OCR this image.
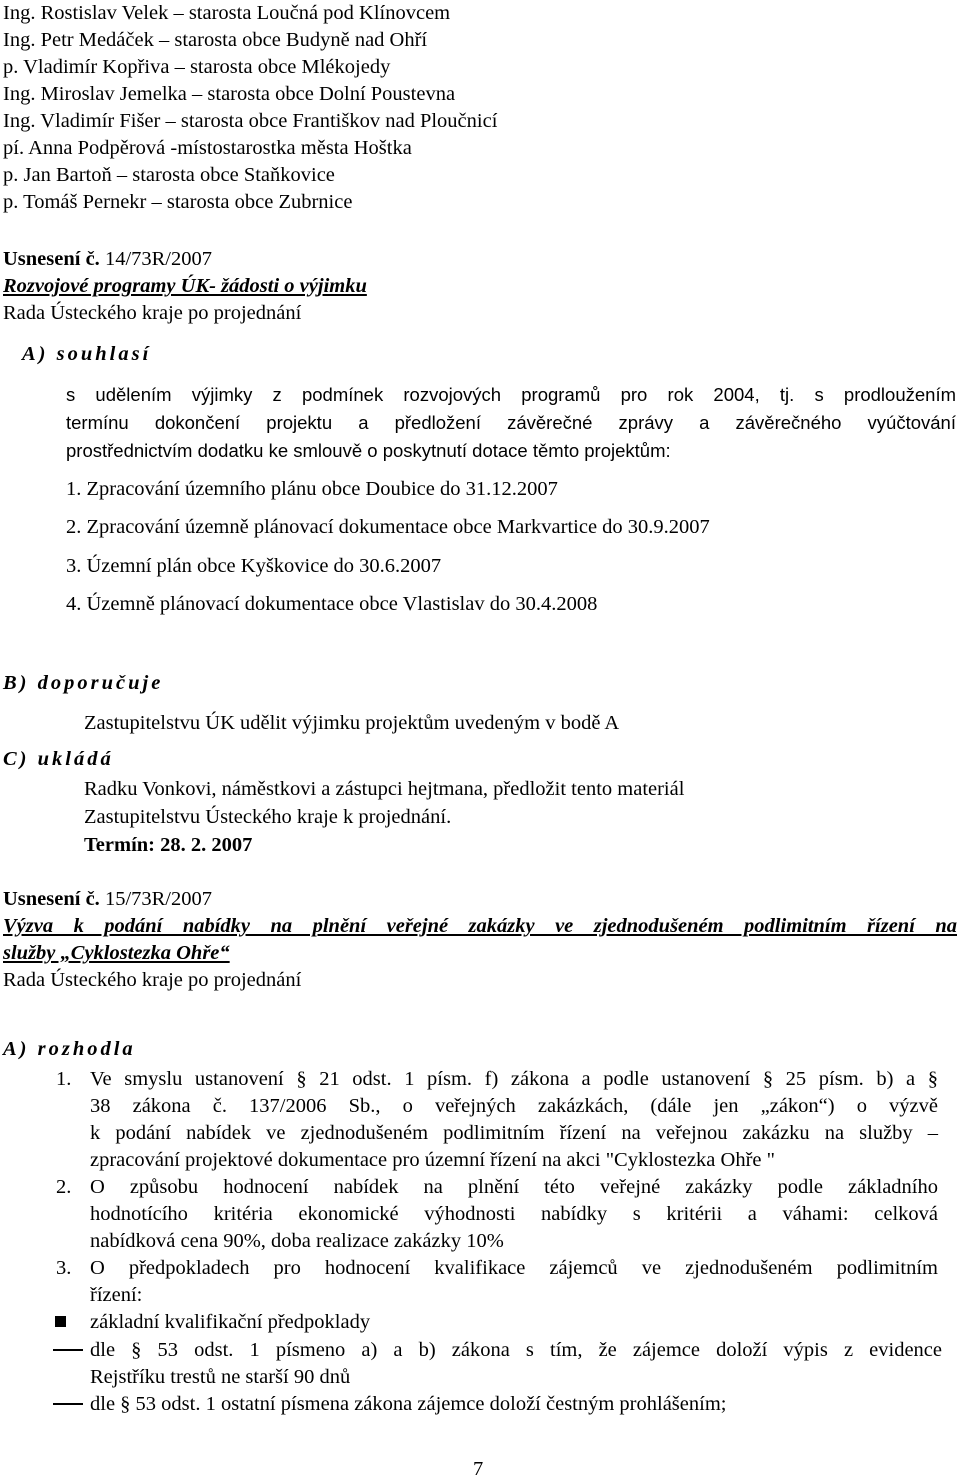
Ing. Rostislav Velek – starosta Loučná pod Klínovcem
Ing. Petr Medáček – starosta obce Budyně nad Ohří
p. Vladimír Kopřiva – starosta obce Mlékojedy
Ing. Miroslav Jemelka – starosta obce Dolní Poustevna
Ing. Vladimír Fišer – starosta obce Františkov nad Ploučnicí
pí. Anna Podpěrová -místostarostka města Hoštka
p. Jan Bartoň – starosta obce Staňkovice
p. Tomáš Pernekr – starosta obce Zubrnice
Usnesení č. 14/73R/2007
Rozvojové programy ÚK- žádosti o výjimku
Rada Ústeckého kraje po projednání
A) souhlasí
s udělením výjimky z podmínek rozvojových programů pro rok 2004, tj. s prodloužením
termínu dokončení projektu a předložení závěrečné zprávy a závěrečného vyúčtování
prostřednictvím dodatku ke smlouvě o poskytnutí dotace těmto projektům:
1. Zpracování územního plánu obce Doubice do 31.12.2007
2. Zpracování územně plánovací dokumentace obce Markvartice do 30.9.2007
3. Územní plán obce Kyškovice do 30.6.2007
4. Územně plánovací dokumentace obce Vlastislav do 30.4.2008
B) doporučuje
Zastupitelstvu ÚK udělit výjimku projektům uvedeným v bodě A
C) ukládá
Radku Vonkovi, náměstkovi a zástupci hejtmana, předložit tento materiál
Zastupitelstvu Ústeckého kraje k projednání.
Termín: 28. 2. 2007
Usnesení č. 15/73R/2007
Výzva k podání nabídky na plnění veřejné zakázky ve zjednodušeném podlimitním řízení na
služby „Cyklostezka Ohře“
Rada Ústeckého kraje po projednání
A) rozhodla
1. Ve smyslu ustanovení § 21 odst. 1 písm. f) zákona a podle ustanovení § 25 písm. b) a §
38 zákona č. 137/2006 Sb., o veřejných zakázkách, (dále jen „zákon“) o výzvě
k podání nabídek ve zjednodušeném podlimitním řízení na veřejnou zakázku na služby –
zpracování projektové dokumentace pro územní řízení na akci "Cyklostezka Ohře "
2. O způsobu hodnocení nabídek na plnění této veřejné zakázky podle základního
hodnotícího kritéria ekonomické výhodnosti nabídky s kritérii a váhami: celková
nabídková cena 90%, doba realizace zakázky 10%
3. O předpokladech pro hodnocení kvalifikace zájemců ve zjednodušeném podlimitním
řízení:
základní kvalifikační předpoklady
dle § 53 odst. 1 písmeno a) a b) zákona s tím, že zájemce doloží výpis z evidence
Rejstříku trestů ne starší 90 dnů
dle § 53 odst. 1 ostatní písmena zákona zájemce doloží čestným prohlášením;
7
